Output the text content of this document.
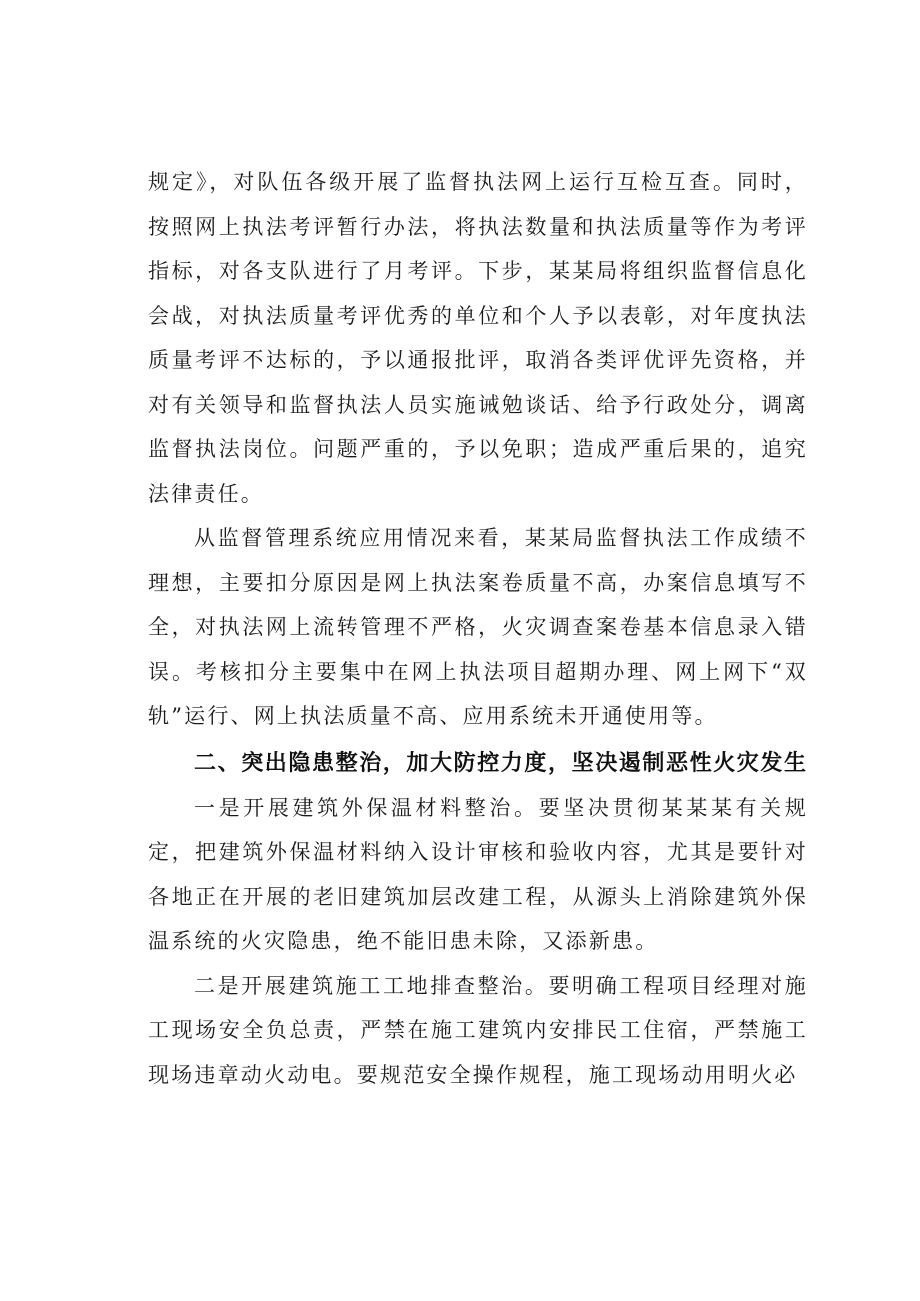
规定》，对队伍各级开展了监督执法网上运行互检互查。同时，按照网上执法考评暂行办法，将执法数量和执法质量等作为考评指标，对各支队进行了月考评。下步，某某局将组织监督信息化会战，对执法质量考评优秀的单位和个人予以表彰，对年度执法质量考评不达标的，予以通报批评，取消各类评优评先资格，并对有关领导和监督执法人员实施诫勉谈话、给予行政处分，调离监督执法岗位。问题严重的，予以免职；造成严重后果的，追究法律责任。

从监督管理系统应用情况来看，某某局监督执法工作成绩不理想，主要扣分原因是网上执法案卷质量不高，办案信息填写不全，对执法网上流转管理不严格，火灾调查案卷基本信息录入错误。考核扣分主要集中在网上执法项目超期办理、网上网下“双轨”运行、网上执法质量不高、应用系统未开通使用等。

二、突出隐患整治，加大防控力度，坚决遏制恶性火灾发生

一是开展建筑外保温材料整治。要坚决贯彻某某某有关规定，把建筑外保温材料纳入设计审核和验收内容，尤其是要针对各地正在开展的老旧建筑加层改建工程，从源头上消除建筑外保温系统的火灾隐患，绝不能旧患未除，又添新患。

二是开展建筑施工工地排查整治。要明确工程项目经理对施工现场安全负总责，严禁在施工建筑内安排民工住宿，严禁施工现场违章动火动电。要规范安全操作规程，施工现场动用明火必
